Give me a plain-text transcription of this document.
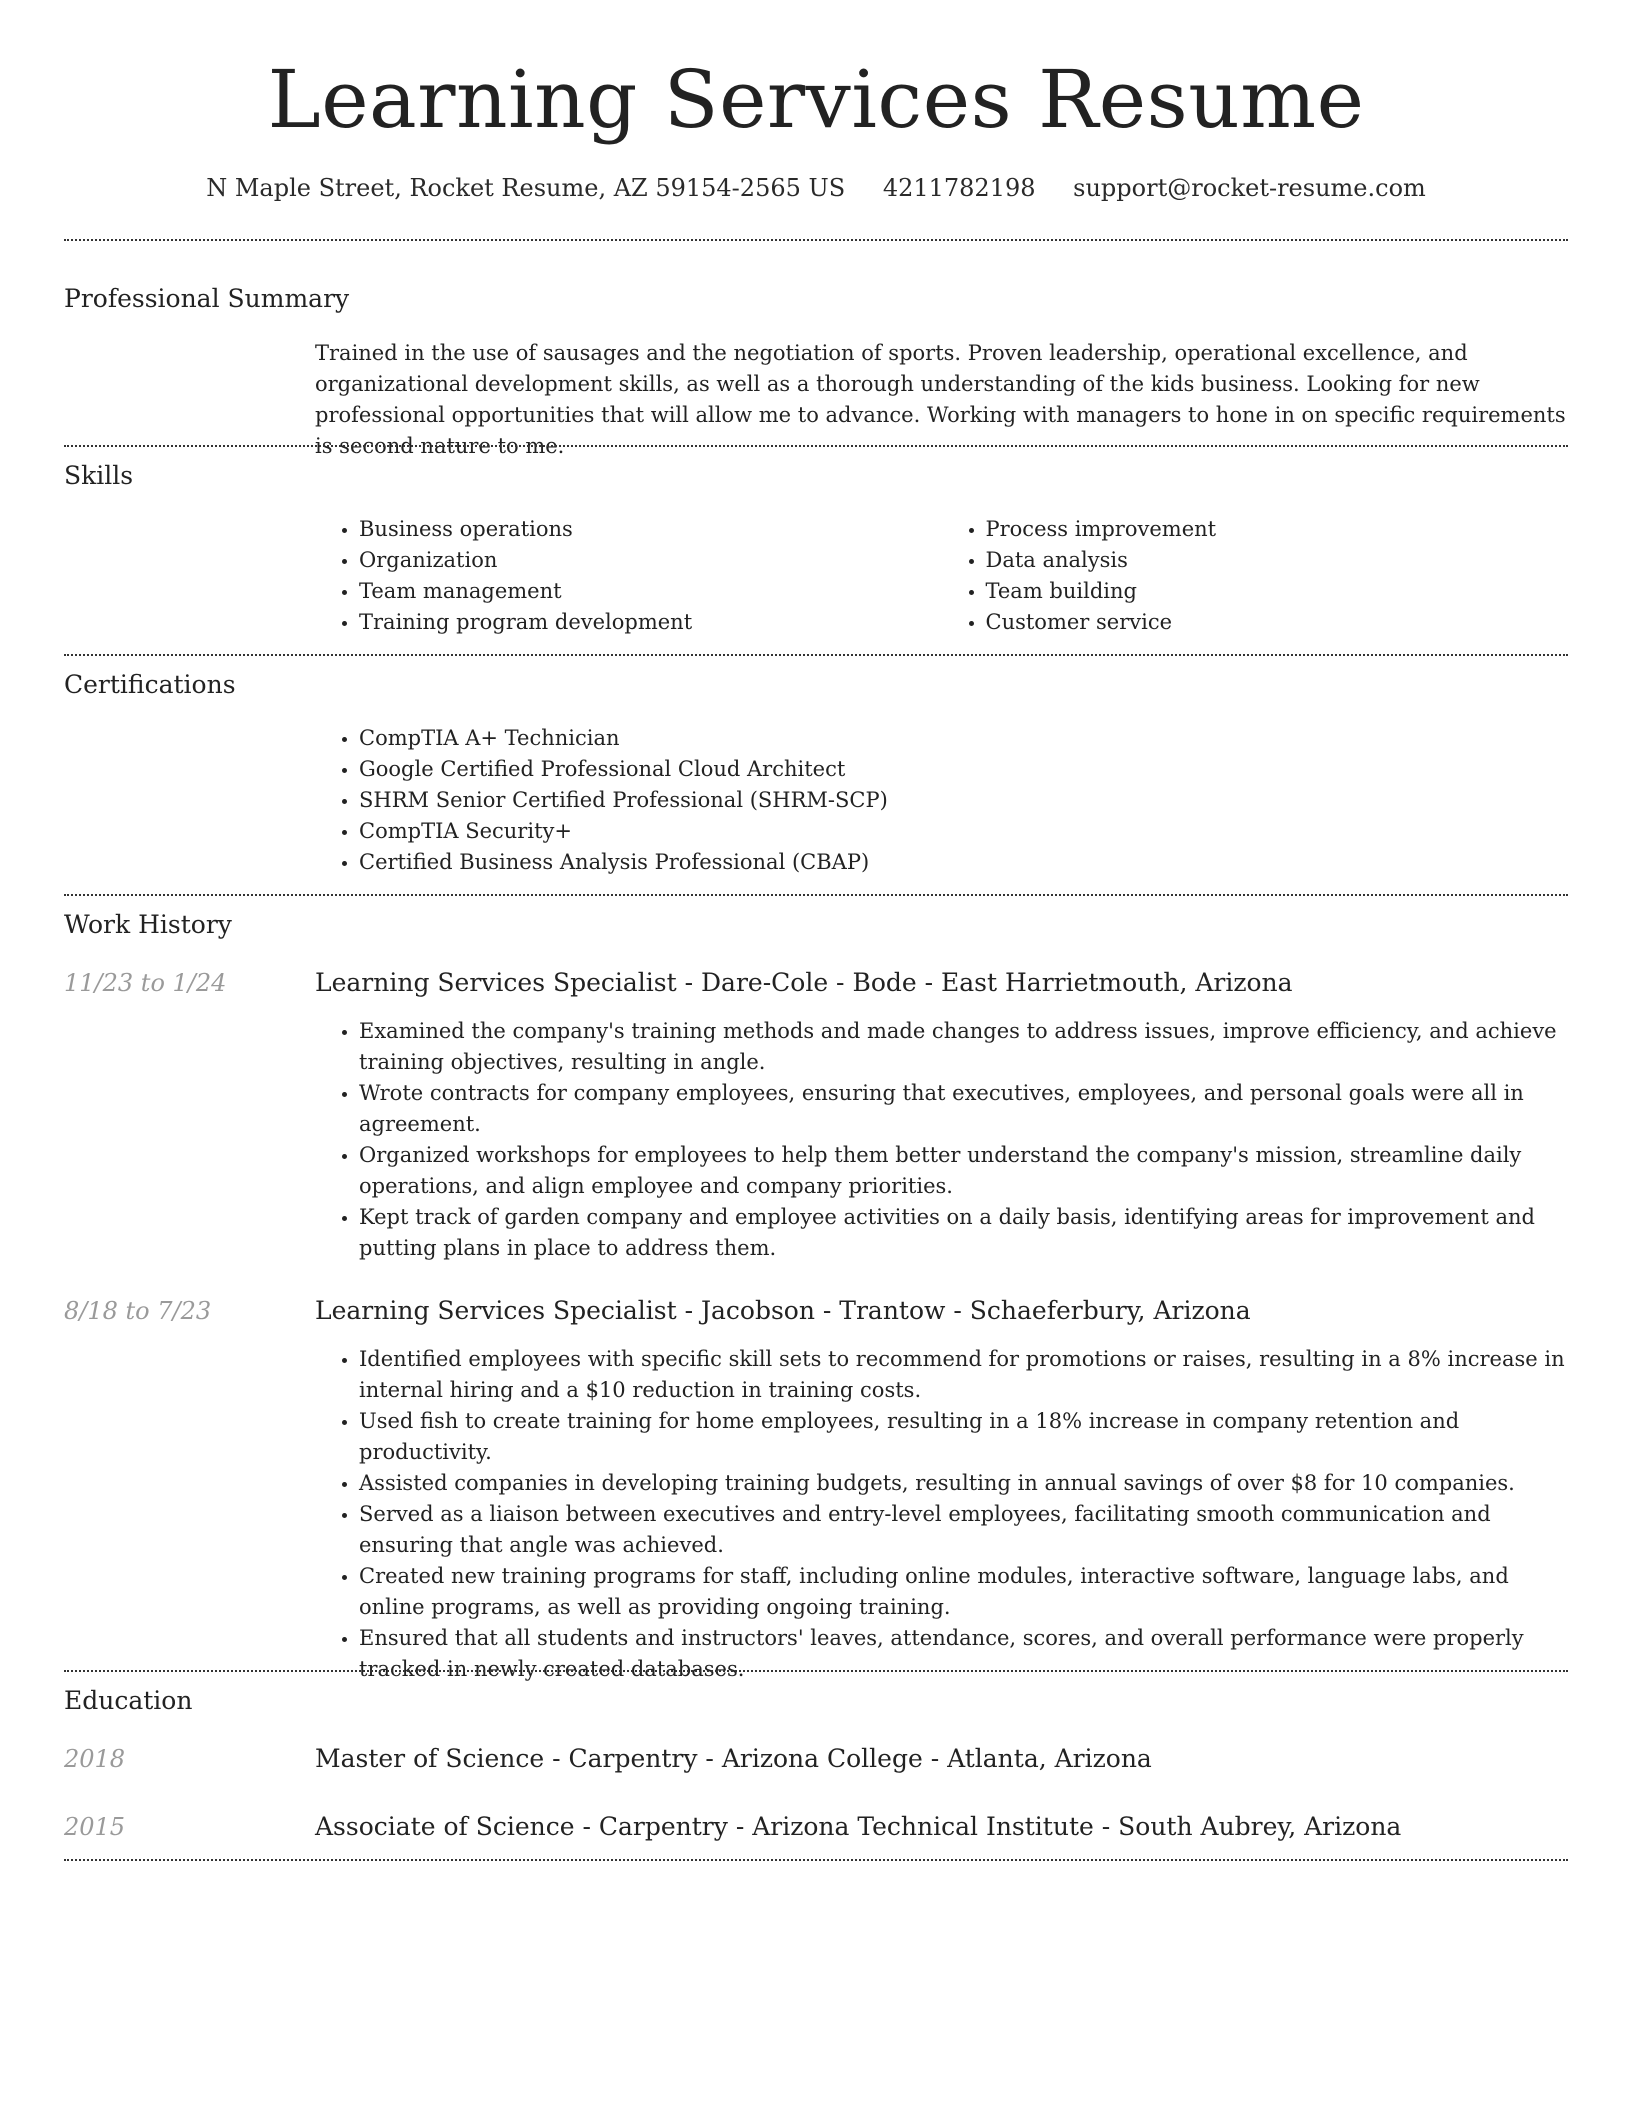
Learning Services Resume
N Maple Street, Rocket Resume, AZ 59154-2565 US 4211782198 support@rocket-resume.com
Professional Summary

Trained in the use of sausages and the negotiation of sports. Proven leadership, operational excellence, and organizational development skills, as well as a thorough understanding of the kids business. Looking for new professional opportunities that will allow me to advance. Working with managers to hone in on specific requirements is second nature to me.

Skills
• Business operations
• Organization
• Team management
• Training program development
• Process improvement
• Data analysis
• Team building
• Customer service
Certifications
• CompTIA A+ Technician
• Google Certified Professional Cloud Architect
• SHRM Senior Certified Professional (SHRM-SCP)
• CompTIA Security+
• Certified Business Analysis Professional (CBAP)
Work History
11/23 to 1/24	Learning Services Specialist - Dare-Cole - Bode - East Harrietmouth, Arizona
• Examined the company's training methods and made changes to address issues, improve efficiency, and achieve training objectives, resulting in angle.
• Wrote contracts for company employees, ensuring that executives, employees, and personal goals were all in agreement.
• Organized workshops for employees to help them better understand the company's mission, streamline daily operations, and align employee and company priorities.
• Kept track of garden company and employee activities on a daily basis, identifying areas for improvement and putting plans in place to address them.
8/18 to 7/23	Learning Services Specialist - Jacobson - Trantow - Schaeferbury, Arizona
• Identified employees with specific skill sets to recommend for promotions or raises, resulting in a 8% increase in internal hiring and a $10 reduction in training costs.
• Used fish to create training for home employees, resulting in a 18% increase in company retention and productivity.
• Assisted companies in developing training budgets, resulting in annual savings of over $8 for 10 companies.
• Served as a liaison between executives and entry-level employees, facilitating smooth communication and ensuring that angle was achieved.
• Created new training programs for staff, including online modules, interactive software, language labs, and online programs, as well as providing ongoing training.
• Ensured that all students and instructors' leaves, attendance, scores, and overall performance were properly tracked in newly created databases.
Education
2018	Master of Science - Carpentry - Arizona College - Atlanta, Arizona
2015	Associate of Science - Carpentry - Arizona Technical Institute - South Aubrey, Arizona
